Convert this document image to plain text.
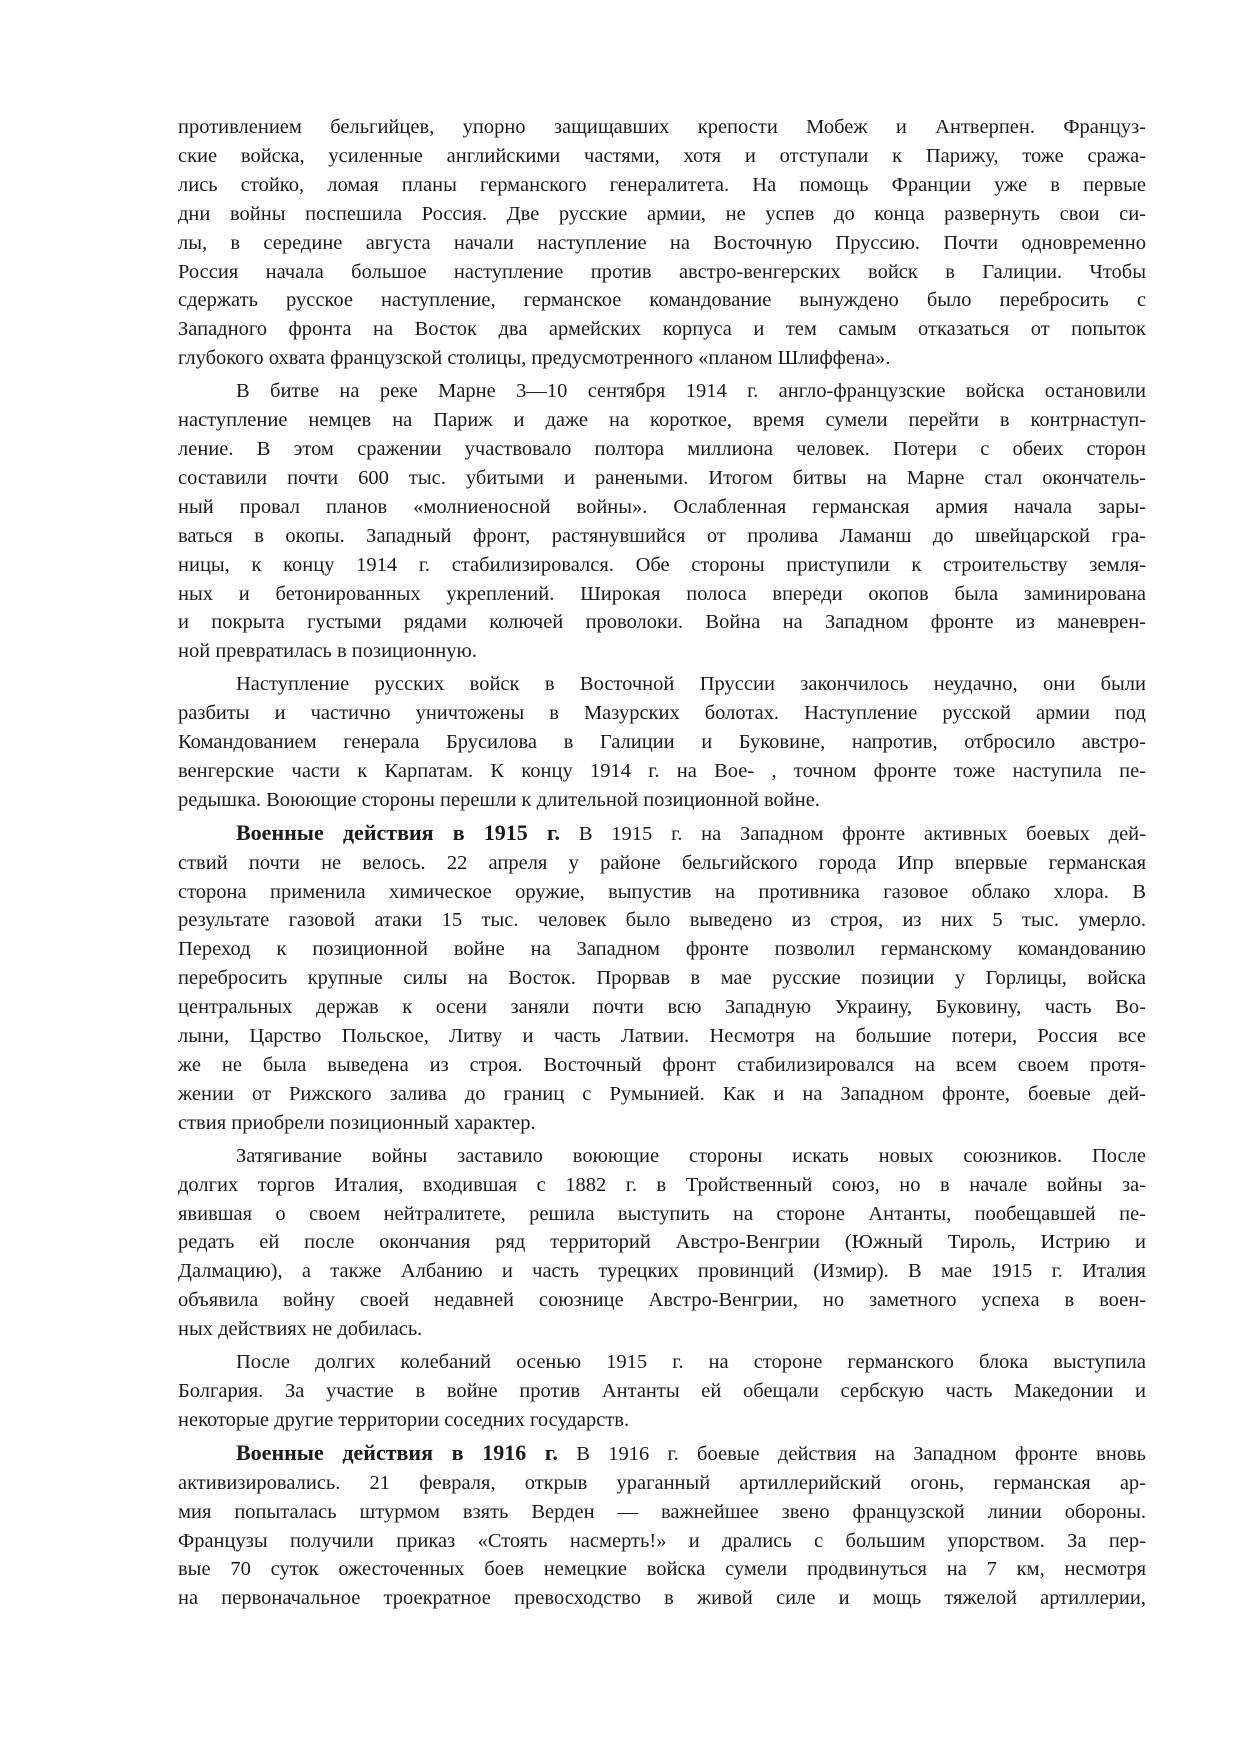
противлением бельгийцев, упорно защищавших крепости Мобеж и Антверпен. Француз-
ские войска, усиленные английскими частями, хотя и отступали к Парижу, тоже сража-
лись стойко, ломая планы германского генералитета. На помощь Франции уже в первые
дни войны поспешила Россия. Две русские армии, не успев до конца развернуть свои си-
лы, в середине августа начали наступление на Восточную Пруссию. Почти одновременно
Россия начала большое наступление против австро-венгерских войск в Галиции. Чтобы
сдержать русское наступление, германское командование вынуждено было перебросить с
Западного фронта на Восток два армейских корпуса и тем самым отказаться от попыток
глубокого охвата французской столицы, предусмотренного «планом Шлиффена».

В битве на реке Марне 3—10 сентября 1914 г. англо-французские войска остановили
наступление немцев на Париж и даже на короткое, время сумели перейти в контрнаступ-
ление. В этом сражении участвовало полтора миллиона человек. Потери с обеих сторон
составили почти 600 тыс. убитыми и ранеными. Итогом битвы на Марне стал окончатель-
ный провал планов «молниеносной войны». Ослабленная германская армия начала зары-
ваться в окопы. Западный фронт, растянувшийся от пролива Ламанш до швейцарской гра-
ницы, к концу 1914 г. стабилизировался. Обе стороны приступили к строительству земля-
ных и бетонированных укреплений. Широкая полоса впереди окопов была заминирована
и покрыта густыми рядами колючей проволоки. Война на Западном фронте из маневрен-
ной превратилась в позиционную.

Наступление русских войск в Восточной Пруссии закончилось неудачно, они были
разбиты и частично уничтожены в Мазурских болотах. Наступление русской армии под
Командованием генерала Брусилова в Галиции и Буковине, напротив, отбросило австро-
венгерские части к Карпатам. К концу 1914 г. на Вое- , точном фронте тоже наступила пе-
редышка. Воюющие стороны перешли к длительной позиционной войне.

Военные действия в 1915 г. В 1915 г. на Западном фронте активных боевых дей-
ствий почти не велось. 22 апреля у районе бельгийского города Ипр впервые германская
сторона применила химическое оружие, выпустив на противника газовое облако хлора. В
результате газовой атаки 15 тыс. человек было выведено из строя, из них 5 тыс. умерло.
Переход к позиционной войне на Западном фронте позволил германскому командованию
перебросить крупные силы на Восток. Прорвав в мае русские позиции у Горлицы, войска
центральных держав к осени заняли почти всю Западную Украину, Буковину, часть Во-
лыни, Царство Польское, Литву и часть Латвии. Несмотря на большие потери, Россия все
же не была выведена из строя. Восточный фронт стабилизировался на всем своем протя-
жении от Рижского залива до границ с Румынией. Как и на Западном фронте, боевые дей-
ствия приобрели позиционный характер.

Затягивание войны заставило воюющие стороны искать новых союзников. После
долгих торгов Италия, входившая с 1882 г. в Тройственный союз, но в начале войны за-
явившая о своем нейтралитете, решила выступить на стороне Антанты, пообещавшей пе-
редать ей после окончания ряд территорий Австро-Венгрии (Южный Тироль, Истрию и
Далмацию), а также Албанию и часть турецких провинций (Измир). В мае 1915 г. Италия
объявила войну своей недавней союзнице Австро-Венгрии, но заметного успеха в воен-
ных действиях не добилась.

После долгих колебаний осенью 1915 г. на стороне германского блока выступила
Болгария. За участие в войне против Антанты ей обещали сербскую часть Македонии и
некоторые другие территории соседних государств.

Военные действия в 1916 г. В 1916 г. боевые действия на Западном фронте вновь
активизировались. 21 февраля, открыв ураганный артиллерийский огонь, германская ар-
мия попыталась штурмом взять Верден — важнейшее звено французской линии обороны.
Французы получили приказ «Стоять насмерть!» и дрались с большим упорством. За пер-
вые 70 суток ожесточенных боев немецкие войска сумели продвинуться на 7 км, несмотря
на первоначальное троекратное превосходство в живой силе и мощь тяжелой артиллерии,
